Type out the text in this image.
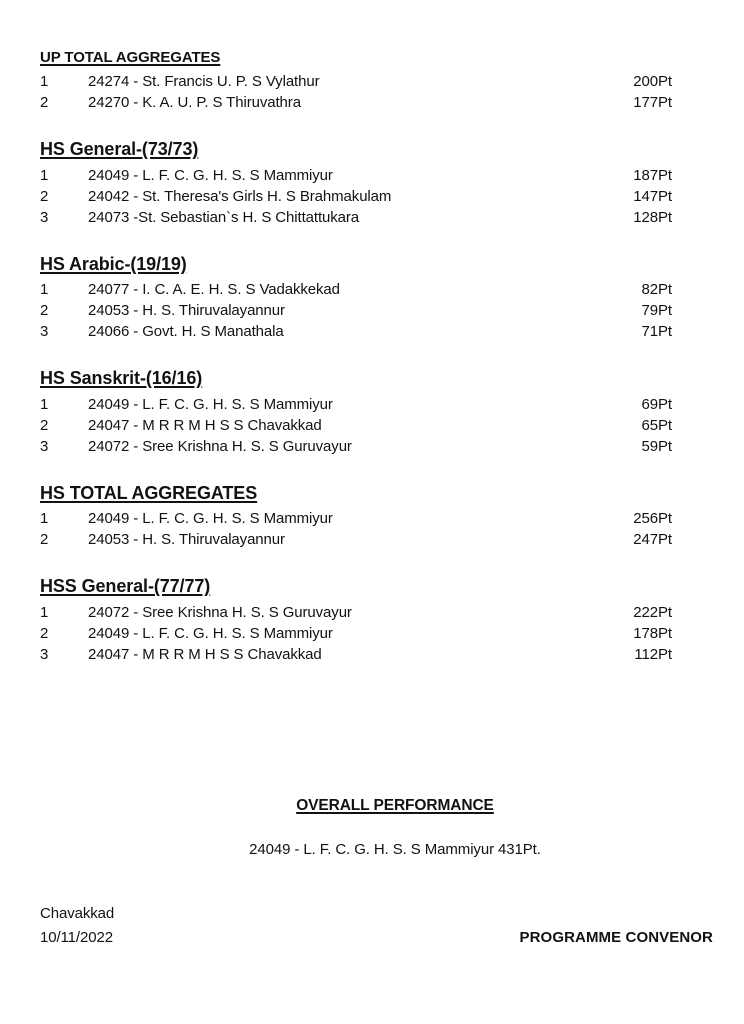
UP TOTAL AGGREGATES
1	24274 - St. Francis U. P. S Vylathur	200Pt
2	24270 - K. A. U. P. S Thiruvathra	177Pt
HS General-(73/73)
1	24049 - L. F. C. G. H. S. S Mammiyur	187Pt
2	24042 - St. Theresa's Girls H. S Brahmakulam	147Pt
3	24073 -St. Sebastian`s H. S Chittattukara	128Pt
HS Arabic-(19/19)
1	24077 - I. C. A. E. H. S. S Vadakkekad	82Pt
2	24053 - H. S. Thiruvalayannur	79Pt
3	24066 - Govt. H. S Manathala	71Pt
HS Sanskrit-(16/16)
1	24049 - L. F. C. G. H. S. S Mammiyur	69Pt
2	24047 - M R R M H S S Chavakkad	65Pt
3	24072 - Sree Krishna H. S. S Guruvayur	59Pt
HS TOTAL AGGREGATES
1	24049 - L. F. C. G. H. S. S Mammiyur	256Pt
2	24053 - H. S. Thiruvalayannur	247Pt
HSS General-(77/77)
1	24072 - Sree Krishna H. S. S Guruvayur	222Pt
2	24049 - L. F. C. G. H. S. S Mammiyur	178Pt
3	24047 - M R R M H S S Chavakkad	112Pt
OVERALL PERFORMANCE
24049 - L. F. C. G. H. S. S Mammiyur 431Pt.
Chavakkad
10/11/2022	PROGRAMME CONVENOR
